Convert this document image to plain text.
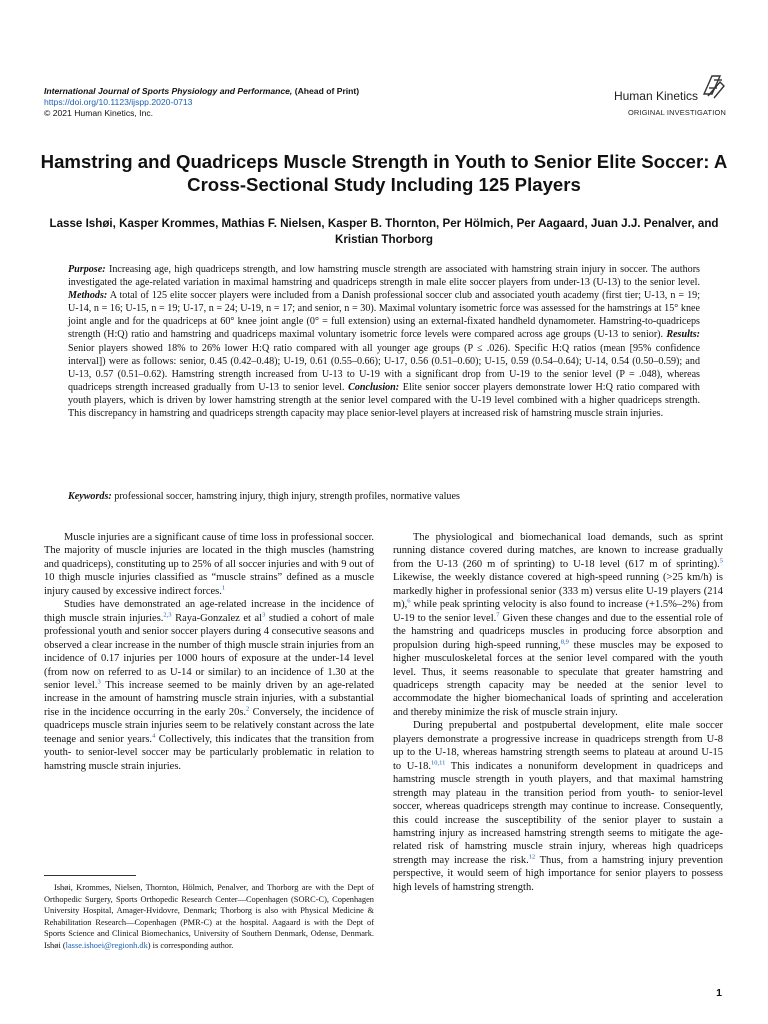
International Journal of Sports Physiology and Performance, (Ahead of Print)
https://doi.org/10.1123/ijspp.2020-0713
© 2021 Human Kinetics, Inc.
Human Kinetics
ORIGINAL INVESTIGATION
Hamstring and Quadriceps Muscle Strength in Youth to Senior Elite Soccer: A Cross-Sectional Study Including 125 Players
Lasse Ishøi, Kasper Krommes, Mathias F. Nielsen, Kasper B. Thornton, Per Hölmich, Per Aagaard, Juan J.J. Penalver, and Kristian Thorborg

Purpose: Increasing age, high quadriceps strength, and low hamstring muscle strength are associated with hamstring strain injury in soccer. The authors investigated the age-related variation in maximal hamstring and quadriceps strength in male elite soccer players from under-13 (U-13) to the senior level. Methods: A total of 125 elite soccer players were included from a Danish professional soccer club and associated youth academy (first tier; U-13, n = 19; U-14, n = 16; U-15, n = 19; U-17, n = 24; U-19, n = 17; and senior, n = 30). Maximal voluntary isometric force was assessed for the hamstrings at 15° knee joint angle and for the quadriceps at 60° knee joint angle (0° = full extension) using an external-fixated handheld dynamometer. Hamstring-to-quadriceps strength (H:Q) ratio and hamstring and quadriceps maximal voluntary isometric force levels were compared across age groups (U-13 to senior). Results: Senior players showed 18% to 26% lower H:Q ratio compared with all younger age groups (P ≤ .026). Specific H:Q ratios (mean [95% confidence interval]) were as follows: senior, 0.45 (0.42–0.48); U-19, 0.61 (0.55–0.66); U-17, 0.56 (0.51–0.60); U-15, 0.59 (0.54–0.64); U-14, 0.54 (0.50–0.59); and U-13, 0.57 (0.51–0.62). Hamstring strength increased from U-13 to U-19 with a significant drop from U-19 to the senior level (P = .048), whereas quadriceps strength increased gradually from U-13 to senior level. Conclusion: Elite senior soccer players demonstrate lower H:Q ratio compared with youth players, which is driven by lower hamstring strength at the senior level compared with the U-19 level combined with a higher quadriceps strength. This discrepancy in hamstring and quadriceps strength capacity may place senior-level players at increased risk of hamstring muscle strain injuries.

Keywords: professional soccer, hamstring injury, thigh injury, strength profiles, normative values

Muscle injuries are a significant cause of time loss in professional soccer. The majority of muscle injuries are located in the thigh muscles (hamstring and quadriceps), constituting up to 25% of all soccer injuries and with 9 out of 10 thigh muscle injuries classified as “muscle strains” defined as a muscle injury caused by excessive indirect forces.$^1$

Studies have demonstrated an age-related increase in the incidence of thigh muscle strain injuries.$^{2,3}$ Raya-Gonzalez et $al^3$ studied a cohort of male professional youth and senior soccer players during 4 consecutive seasons and observed a clear increase in the number of thigh muscle strain injuries from an incidence of 0.17 injuries per 1000 hours of exposure at the under-14 level (from now on referred to as U-14 or similar) to an incidence of 1.30 at the senior level.$^3$ This increase seemed to be mainly driven by an age-related increase in the amount of hamstring muscle strain injuries, with a substantial rise in the incidence occurring in the early 20s.$^2$ Conversely, the incidence of quadriceps muscle strain injuries seem to be relatively constant across the late teenage and senior years.$^4$ Collectively, this indicates that the transition from youth- to senior-level soccer may be particularly problematic in relation to hamstring muscle strain injuries.

Ishøi, Krommes, Nielsen, Thornton, Hölmich, Penalver, and Thorborg are with the Dept of Orthopedic Surgery, Sports Orthopedic Research Center—Copenhagen (SORC-C), Copenhagen University Hospital, Amager-Hvidovre, Denmark; Thorborg is also with Physical Medicine & Rehabilitation Research—Copenhagen (PMR-C) at the hospital. Aagaard is with the Dept of Sports Science and Clinical Biomechanics, University of Southern Denmark, Odense, Denmark. Ishøi (lasse.ishoei@regionh.dk) is corresponding author.

The physiological and biomechanical load demands, such as sprint running distance covered during matches, are known to increase gradually from the U-13 (260 m of sprinting) to U-18 level (617 m of sprinting).$^5$ Likewise, the weekly distance covered at high-speed running (>25 km/h) is markedly higher in professional senior (333 m) versus elite U-19 players (214 m),$^6$ while peak sprinting velocity is also found to increase (+1.5%–2%) from U-19 to the senior level.$^7$ Given these changes and due to the essential role of the hamstring and quadriceps muscles in producing force absorption and propulsion during high-speed running,$^{8,9}$ these muscles may be exposed to higher musculoskeletal forces at the senior level compared with the youth level. Thus, it seems reasonable to speculate that greater hamstring and quadriceps strength capacity may be needed at the senior level to accommodate the higher biomechanical loads of sprinting and acceleration and thereby minimize the risk of muscle strain injury.

During prepubertal and postpubertal development, elite male soccer players demonstrate a progressive increase in quadriceps strength from U-8 up to the U-18, whereas hamstring strength seems to plateau at around U-15 to U-18.$^{10,11}$ This indicates a nonuniform development in quadriceps and hamstring muscle strength in youth players, and that maximal hamstring strength may plateau in the transition period from youth- to senior-level soccer, whereas quadriceps strength may continue to increase. Consequently, this could increase the susceptibility of the senior player to sustain a hamstring injury as increased hamstring strength seems to mitigate the age-related risk of hamstring muscle strain injury, whereas high quadriceps strength may increase the risk.$^{12}$ Thus, from a hamstring injury prevention perspective, it would seem of high importance for senior players to possess high levels of hamstring strength.

1
